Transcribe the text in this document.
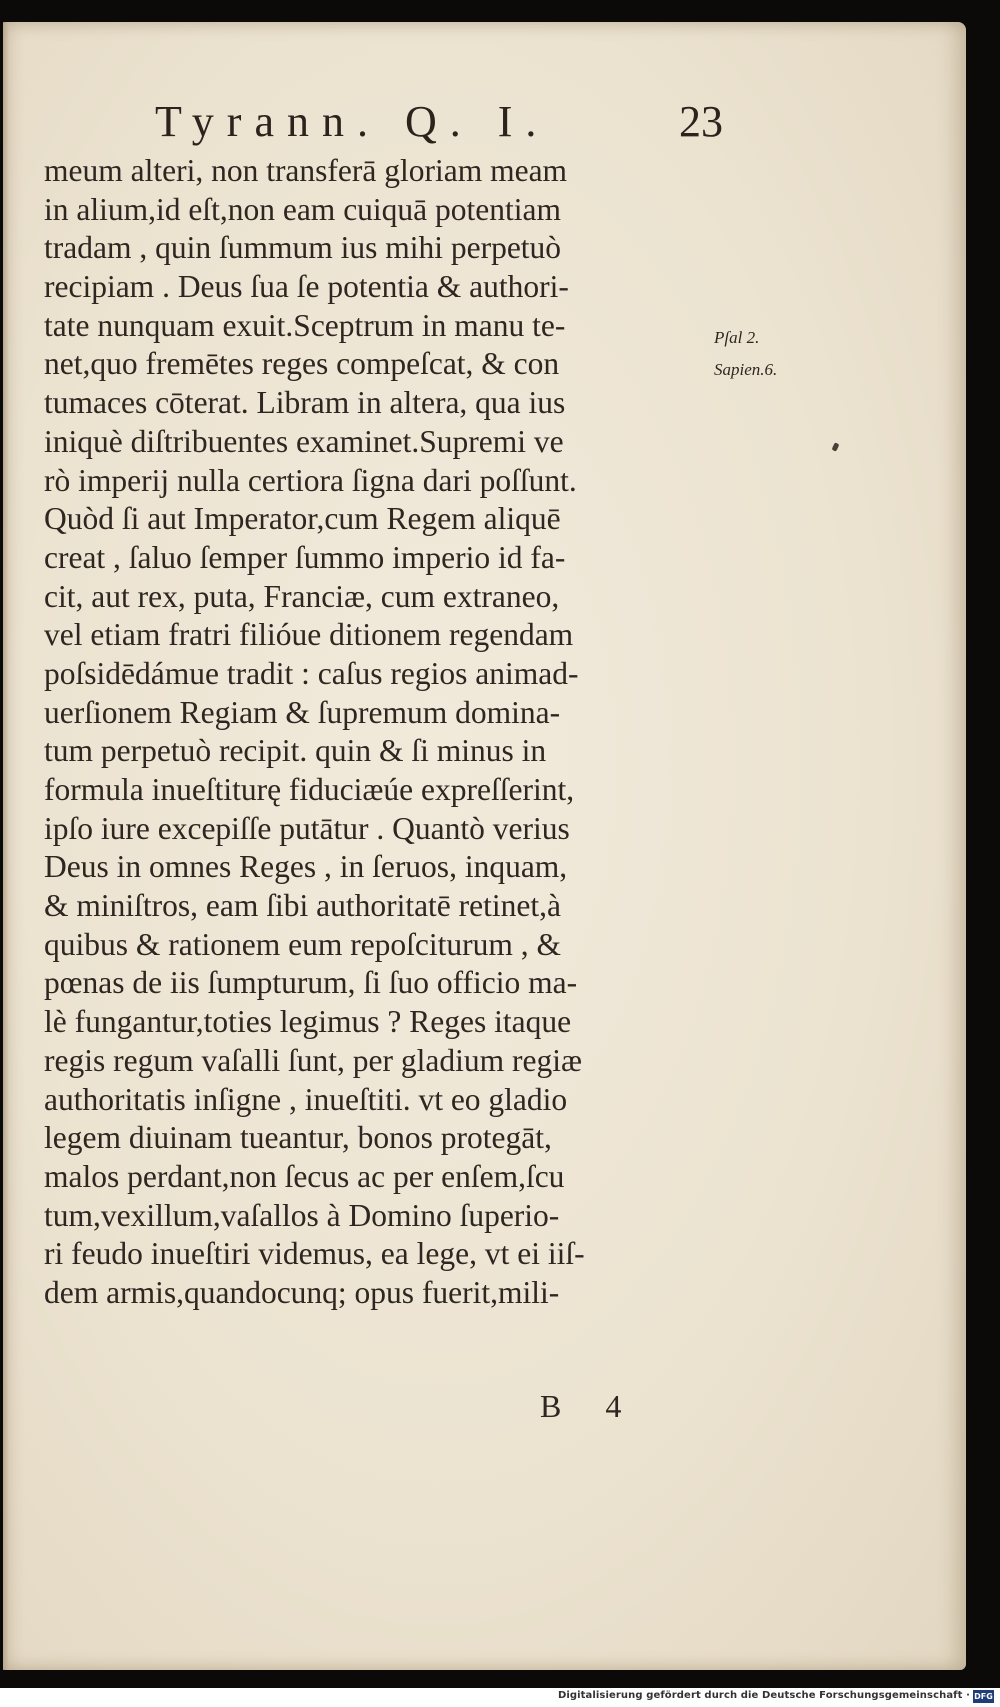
Tyrann. Q. I.	23
meum alteri, non transferā gloriam meam
in alium,id eſt,non eam cuiquā potentiam
tradam , quin ſummum ius mihi perpetuò
recipiam . Deus ſua ſe potentia & authori-
tate nunquam exuit.Sceptrum in manu te-
net,quo fremētes reges compeſcat, & con
tumaces cōterat. Libram in altera, qua ius
iniquè diſtribuentes examinet.Supremi ve
rò imperij nulla certiora ſigna dari poſſunt.
Quòd ſi aut Imperator,cum Regem aliquē
creat , ſaluo ſemper ſummo imperio id fa-
cit, aut rex, puta, Franciæ, cum extraneo,
vel etiam fratri filióue ditionem regendam
poſsidēdámue tradit : caſus regios animad-
uerſionem Regiam & ſupremum domina-
tum perpetuò recipit. quin & ſi minus in
formula inueſtiturę fiduciæúe expreſſerint,
ipſo iure excepiſſe putātur . Quantò verius
Deus in omnes Reges , in ſeruos, inquam,
& miniſtros, eam ſibi authoritatē retinet,à
quibus & rationem eum repoſciturum , &
pœnas de iis ſumpturum, ſi ſuo officio ma-
lè fungantur,toties legimus ? Reges itaque
regis regum vaſalli ſunt, per gladium regiæ
authoritatis inſigne , inueſtiti. vt eo gladio
legem diuinam tueantur, bonos protegāt,
malos perdant,non ſecus ac per enſem,ſcu
tum,vexillum,vaſallos à Domino ſuperio-
ri feudo inueſtiri videmus, ea lege, vt ei iiſ-
dem armis,quandocunq; opus fuerit,mili-
Pſal 2.
Sapien.6.
B 4
Digitalisierung gefördert durch die Deutsche Forschungsgemeinschaft · DFG
